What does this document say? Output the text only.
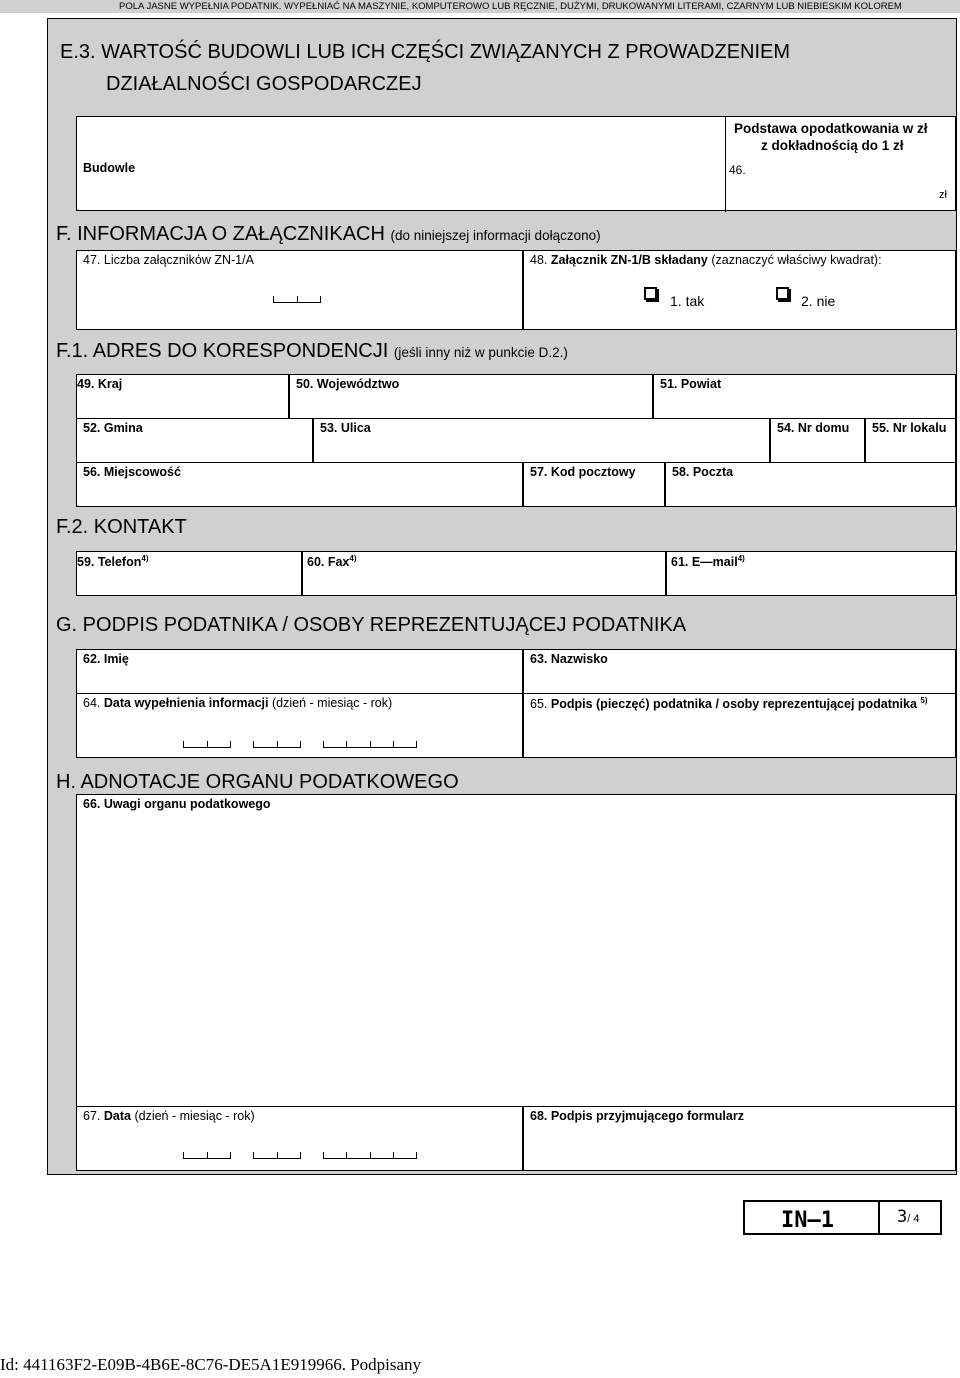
POLA JASNE WYPEŁNIA PODATNIK. WYPEŁNIAĆ NA MASZYNIE, KOMPUTEROWO LUB RĘCZNIE, DUŻYMI, DRUKOWANYMI LITERAMI, CZARNYM LUB NIEBIESKIM KOLOREM
E.3. WARTOŚĆ BUDOWLI LUB ICH CZĘŚCI ZWIĄZANYCH Z PROWADZENIEM
DZIAŁALNOŚCI GOSPODARCZEJ
Budowle
Podstawa opodatkowania w zł
z dokładnością do 1 zł
46.
zł
F. INFORMACJA O ZAŁĄCZNIKACH (do niniejszej informacji dołączono)
47. Liczba załączników ZN-1/A	48. Załącznik ZN-1/B składany (zaznaczyć właściwy kwadrat):
1. tak	2. nie
F.1. ADRES DO KORESPONDENCJI (jeśli inny niż w punkcie D.2.)
49. Kraj	50. Województwo	51. Powiat
52. Gmina	53. Ulica	54. Nr domu 55. Nr lokalu
56. Miejscowość	57. Kod pocztowy	58. Poczta
F.2. KONTAKT
59. Telefon$^{4)}$	60. Fax$^{4)}$	61. E—mail$^{4)}$
G. PODPIS PODATNIKA / OSOBY REPREZENTUJĄCEJ PODATNIKA
62. Imię	63. Nazwisko
64. Data wypełnienia informacji (dzień - miesiąc - rok)	65. Podpis (pieczęć) podatnika / osoby reprezentującej podatnika $^{5)}$
H. ADNOTACJE ORGANU PODATKOWEGO
66. Uwagi organu podatkowego
67. Data (dzień - miesiąc - rok)	68. Podpis przyjmującego formularz
IN—1	3/ 4
Id: 441163F2-E09B-4B6E-8C76-DE5A1E919966. Podpisany
